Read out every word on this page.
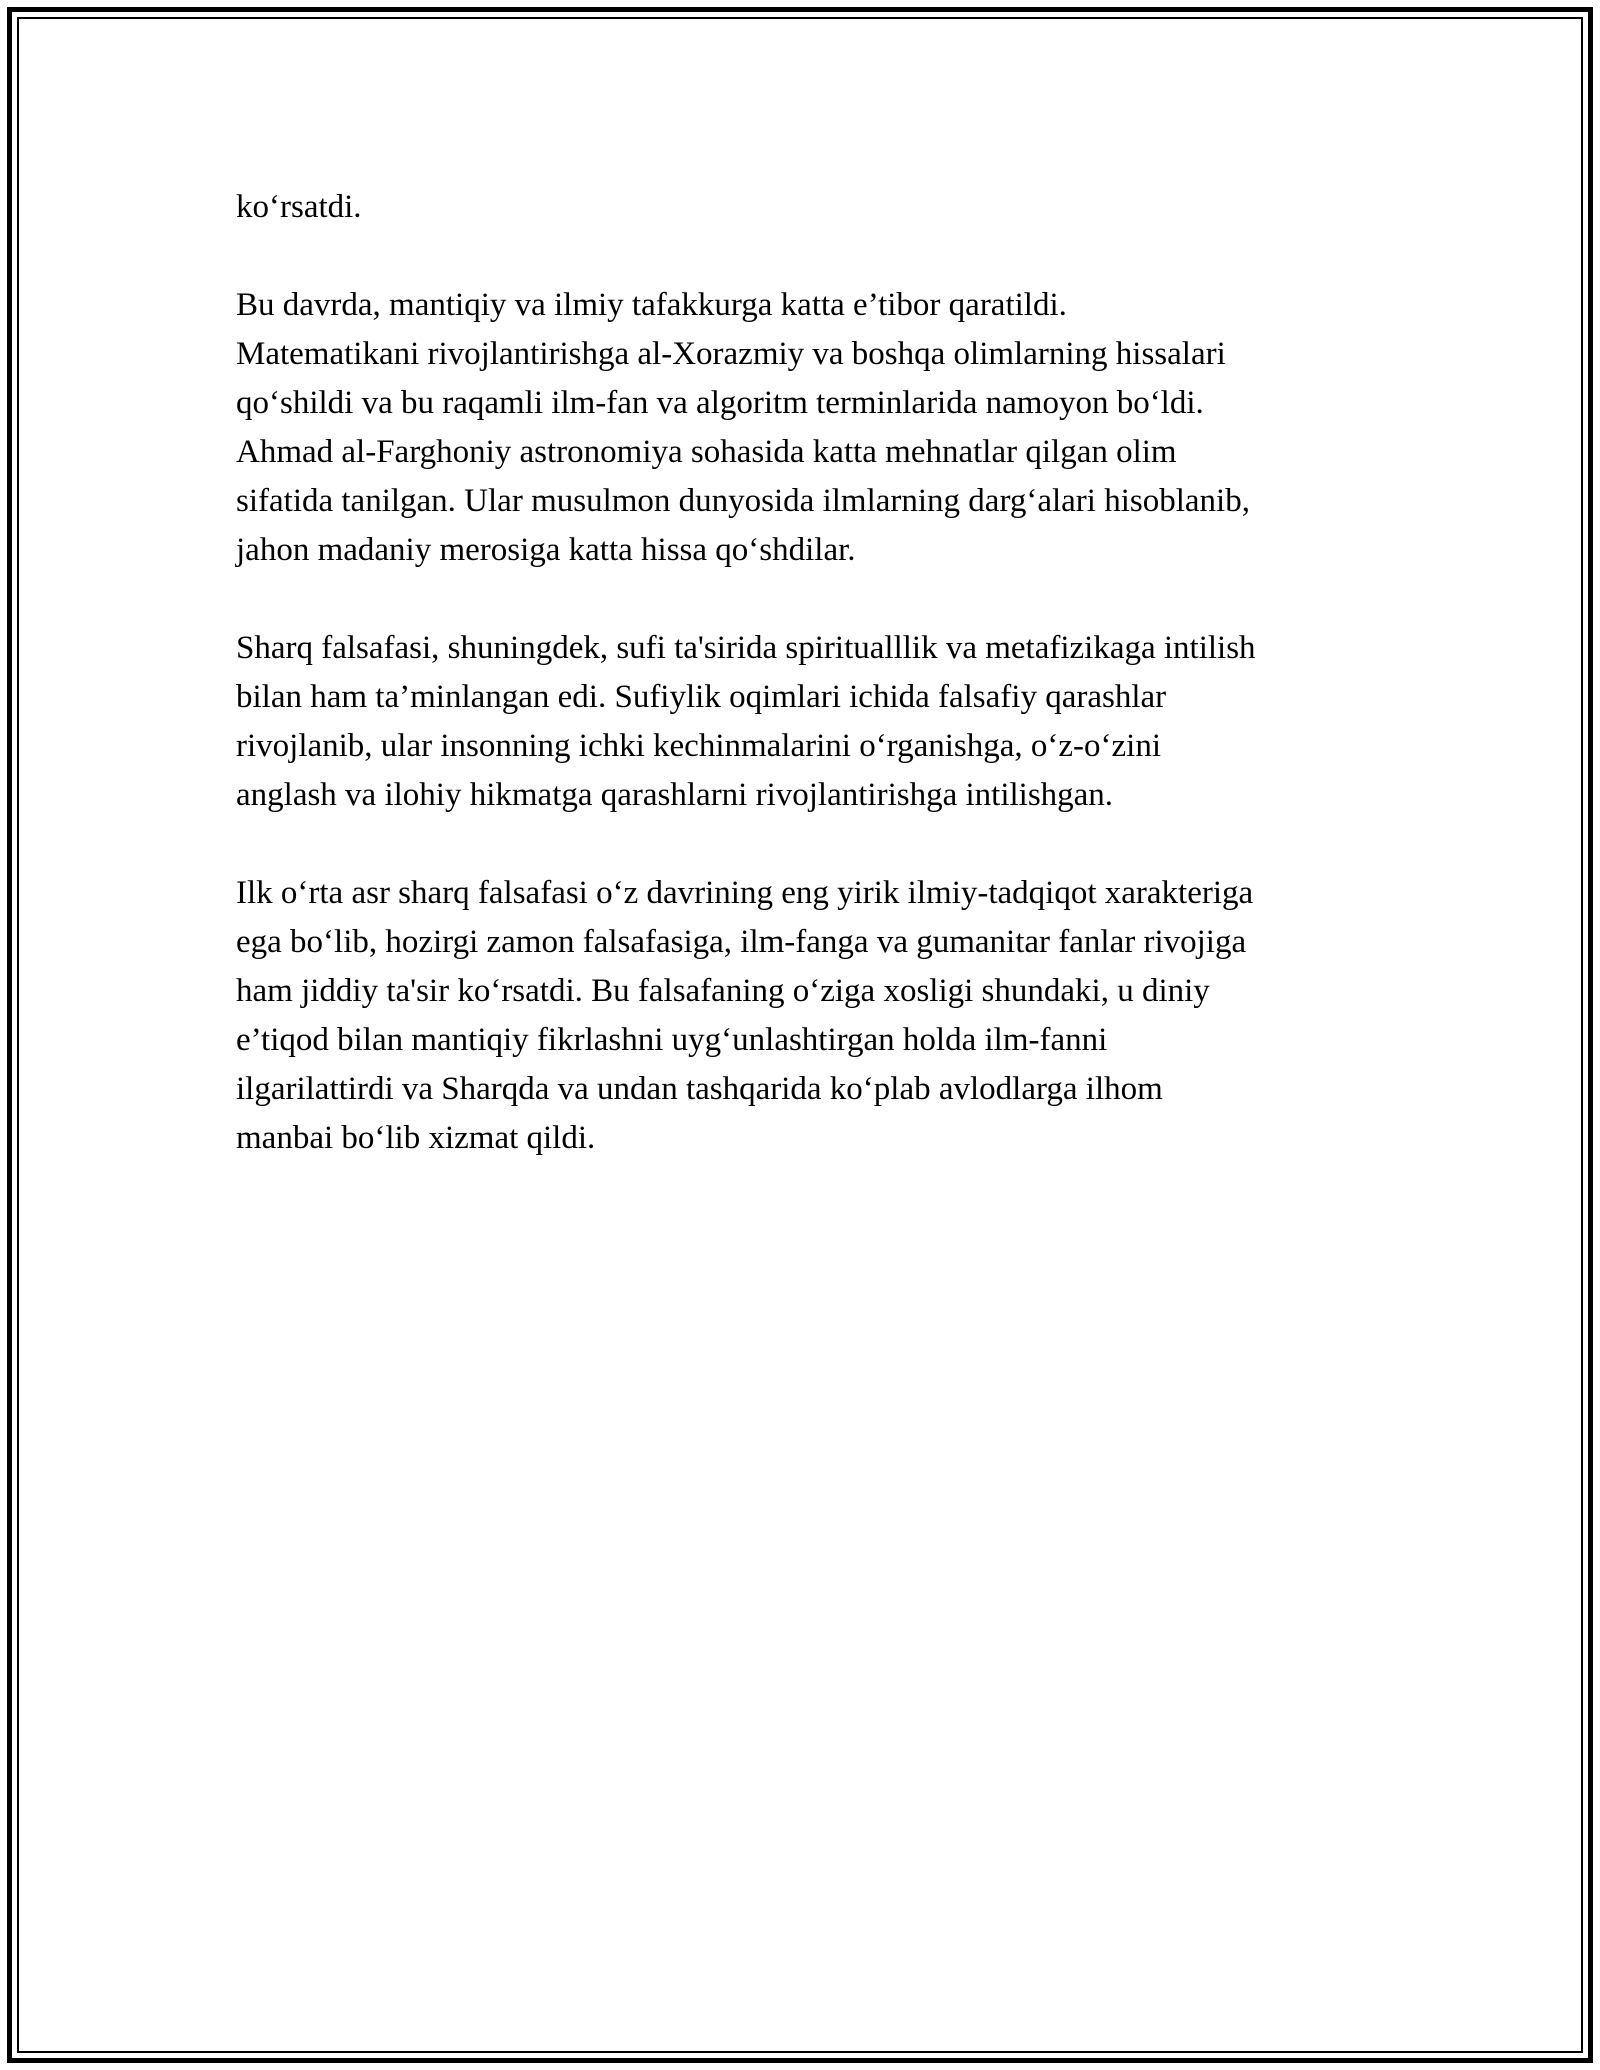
ko‘rsatdi.

Bu davrda, mantiqiy va ilmiy tafakkurga katta e’tibor qaratildi.
Matematikani rivojlantirishga al-Xorazmiy va boshqa olimlarning hissalari
qo‘shildi va bu raqamli ilm-fan va algoritm terminlarida namoyon bo‘ldi.
Ahmad al-Farghoniy astronomiya sohasida katta mehnatlar qilgan olim
sifatida tanilgan. Ular musulmon dunyosida ilmlarning darg‘alari hisoblanib,
jahon madaniy merosiga katta hissa qo‘shdilar.

Sharq falsafasi, shuningdek, sufi ta'sirida spiritualllik va metafizikaga intilish
bilan ham ta’minlangan edi. Sufiylik oqimlari ichida falsafiy qarashlar
rivojlanib, ular insonning ichki kechinmalarini o‘rganishga, o‘z-o‘zini
anglash va ilohiy hikmatga qarashlarni rivojlantirishga intilishgan.

Ilk o‘rta asr sharq falsafasi o‘z davrining eng yirik ilmiy-tadqiqot xarakteriga
ega bo‘lib, hozirgi zamon falsafasiga, ilm-fanga va gumanitar fanlar rivojiga
ham jiddiy ta'sir ko‘rsatdi. Bu falsafaning o‘ziga xosligi shundaki, u diniy
e’tiqod bilan mantiqiy fikrlashni uyg‘unlashtirgan holda ilm-fanni
ilgarilattirdi va Sharqda va undan tashqarida ko‘plab avlodlarga ilhom
manbai bo‘lib xizmat qildi.
